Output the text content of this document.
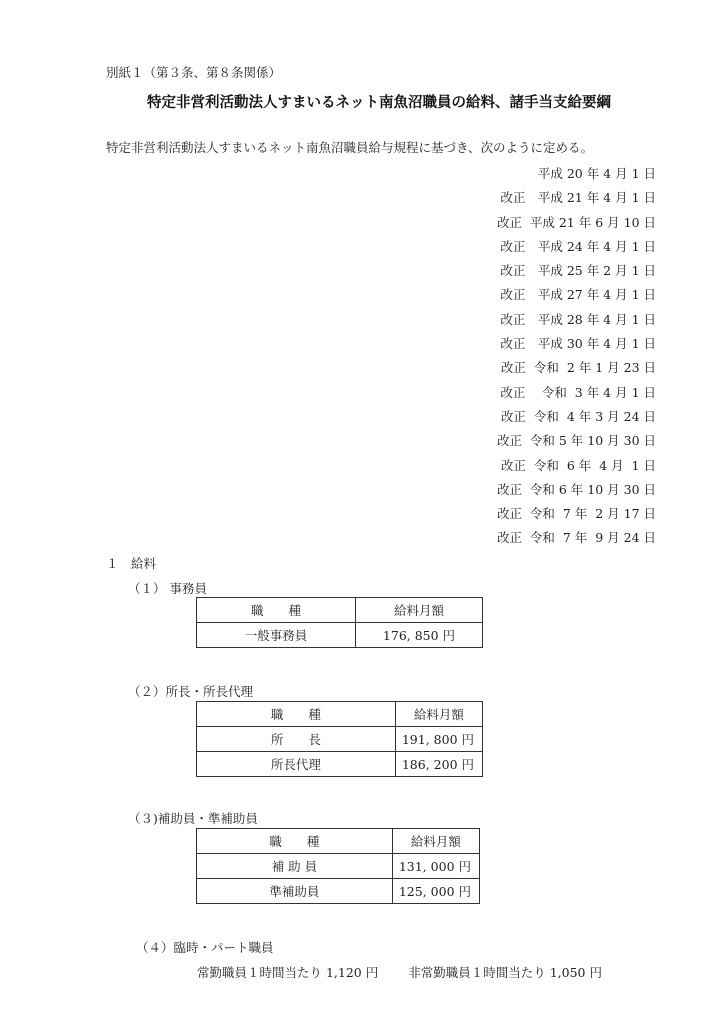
別紙１（第３条、第８条関係）
特定非営利活動法人すまいるネット南魚沼職員の給料、諸手当支給要綱
特定非営利活動法人すまいるネット南魚沼職員給与規程に基づき、次のように定める。
平成 20 年 4 月 1 日
改正　平成 21 年 4 月 1 日
改正  平成 21 年 6 月 10 日
改正　平成 24 年 4 月 1 日
改正　平成 25 年 2 月 1 日
改正　平成 27 年 4 月 1 日
改正　平成 28 年 4 月 1 日
改正　平成 30 年 4 月 1 日
改正  令和  2 年 1 月 23 日
改正　 令和  3 年 4 月 1 日
改正  令和  4 年 3 月 24 日
改正  令和 5 年 10 月 30 日
改正  令和  6 年  4 月  1 日
改正  令和 6 年 10 月 30 日
改正  令和  7 年  2 月 17 日
改正  令和  7 年  9 月 24 日
１　給料
（１） 事務員
職　　種	給料月額
一般事務員	176, 850 円
（２）所長・所長代理
職　　種	給料月額
所　　長	191, 800 円
所長代理	186, 200 円
（３)補助員・準補助員
職　　種	給料月額
補 助 員	131, 000 円
準補助員	125, 000 円
（４）臨時・パート職員
常勤職員１時間当たり 1,120 円 非常勤職員１時間当たり 1,050 円
